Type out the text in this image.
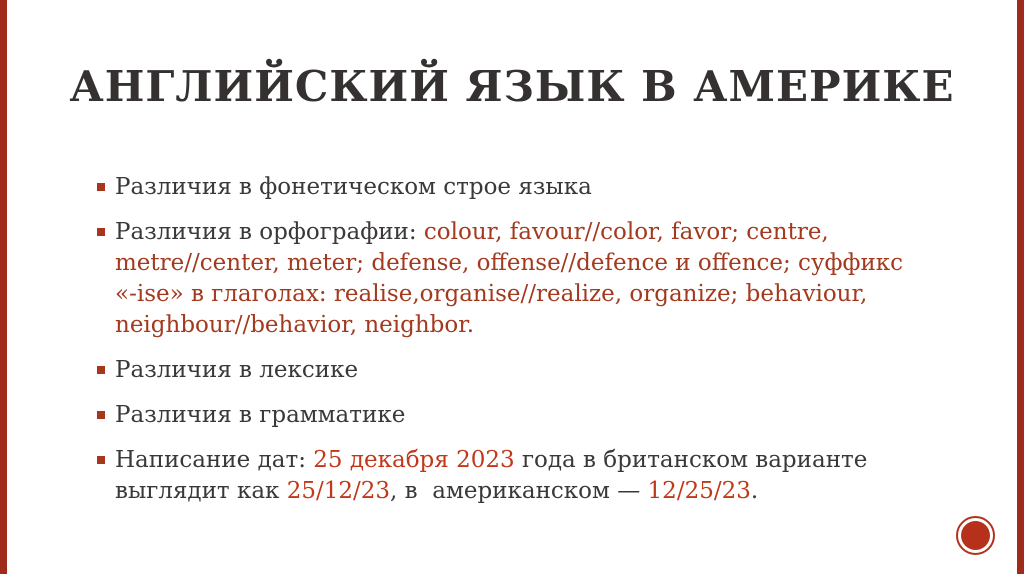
АНГЛИЙСКИЙ ЯЗЫК В АМЕРИКЕ
Различия в фонетическом строе языка
Различия в орфографии: colour, favour//color, favor; centre,
metre//center, meter; defense, offense//defence и offence; суффикс
«-ise» в глаголах: realise,organise//realize, organize; behaviour,
neighbour//behavior, neighbor.
Различия в лексике
Различия в грамматике
Написание дат: 25 декабря 2023 года в британском варианте
выглядит как 25/12/23, в  американском — 12/25/23.
